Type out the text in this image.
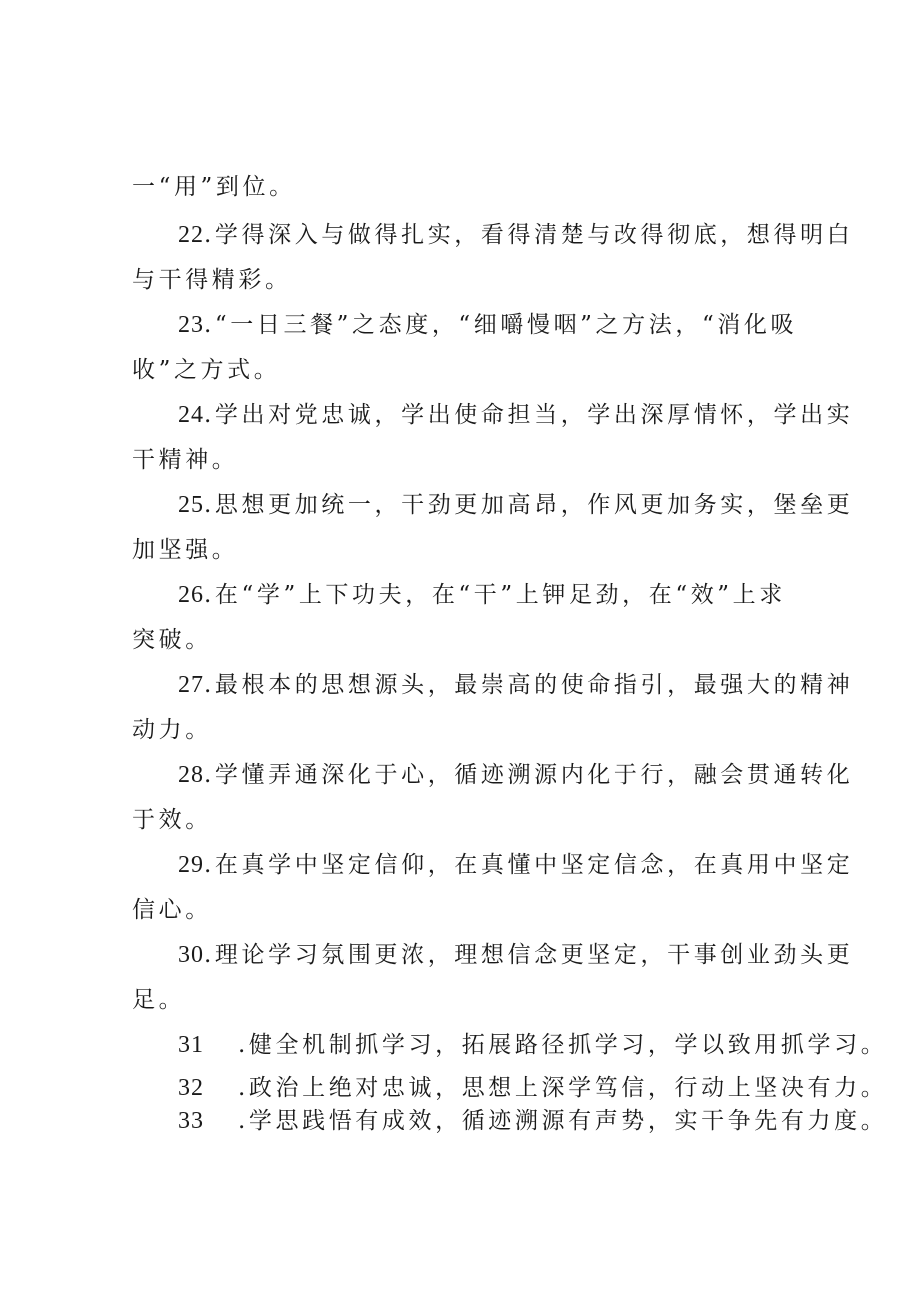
一“用”到位。
22.学得深入与做得扎实，看得清楚与改得彻底，想得明白
与干得精彩。
23.“一日三餐”之态度，“细嚼慢咽”之方法，“消化吸
收”之方式。
24.学出对党忠诚，学出使命担当，学出深厚情怀，学出实
干精神。
25.思想更加统一，干劲更加高昂，作风更加务实，堡垒更
加坚强。
26.在“学”上下功夫，在“干”上钾足劲，在“效”上求
突破。
27.最根本的思想源头，最崇高的使命指引，最强大的精神
动力。
28.学懂弄通深化于心，循迹溯源内化于行，融会贯通转化
于效。
29.在真学中坚定信仰，在真懂中坚定信念，在真用中坚定
信心。
30.理论学习氛围更浓，理想信念更坚定，干事创业劲头更
足。
31 .健全机制抓学习，拓展路径抓学习，学以致用抓学习。
32 .政治上绝对忠诚，思想上深学笃信，行动上坚决有力。
33 .学思践悟有成效，循迹溯源有声势，实干争先有力度。
